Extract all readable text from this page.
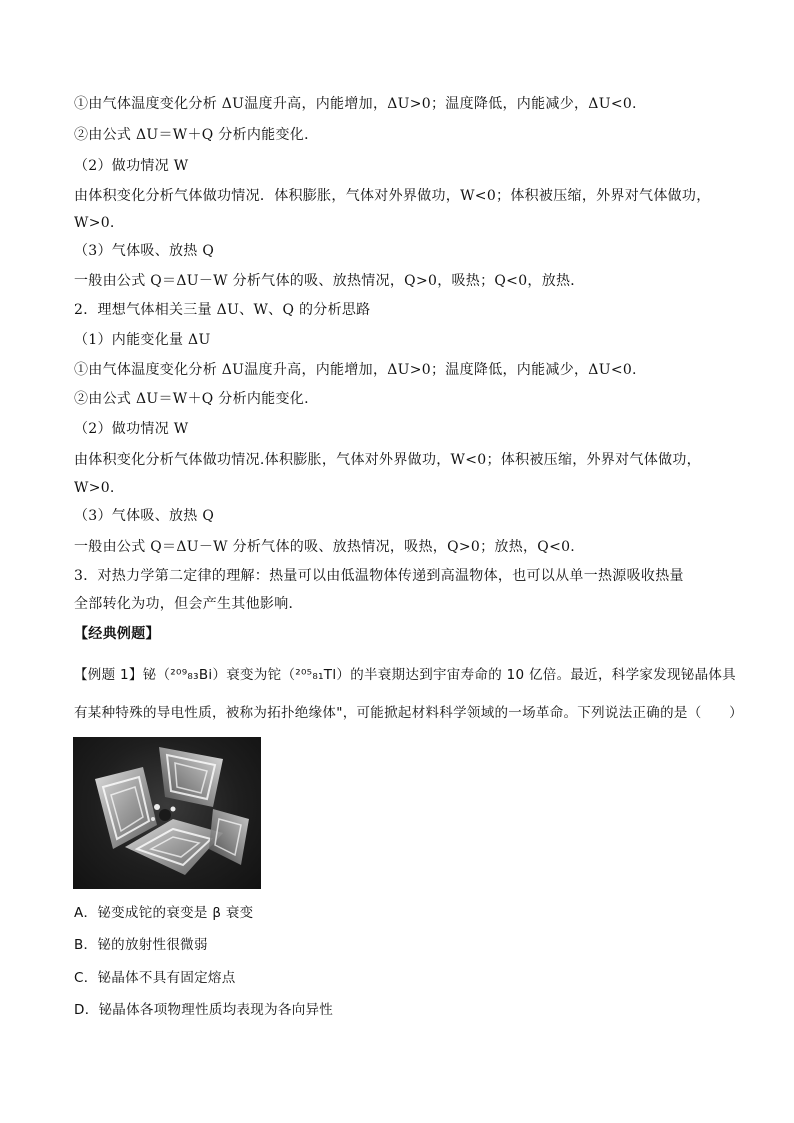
①由气体温度变化分析 ΔU温度升高，内能增加，ΔU>0；温度降低，内能减少，ΔU<0.
②由公式 ΔU＝W＋Q 分析内能变化．
（2）做功情况 W
由体积变化分析气体做功情况．体积膨胀，气体对外界做功，W<0；体积被压缩，外界对气体做功，
W>0.
（3）气体吸、放热 Q
一般由公式 Q＝ΔU－W 分析气体的吸、放热情况，Q>0，吸热；Q<0，放热．
2．理想气体相关三量 ΔU、W、Q 的分析思路
（1）内能变化量 ΔU
①由气体温度变化分析 ΔU温度升高，内能增加，ΔU>0；温度降低，内能减少，ΔU<0.
②由公式 ΔU＝W＋Q 分析内能变化.
（2）做功情况 W
由体积变化分析气体做功情况.体积膨胀，气体对外界做功，W<0；体积被压缩，外界对气体做功，
W>0.
（3）气体吸、放热 Q
一般由公式 Q＝ΔU－W 分析气体的吸、放热情况，吸热，Q>0；放热，Q<0.
3．对热力学第二定律的理解：热量可以由低温物体传递到高温物体，也可以从单一热源吸收热量
全部转化为功，但会产生其他影响．
【经典例题】
【例题 1】铋（²⁰⁹₈₃Bi）衰变为铊（²⁰⁵₈₁Tl）的半衰期达到宇宙寿命的 10 亿倍。最近，科学家发现铋晶体具
有某种特殊的导电性质，被称为拓扑绝缘体"，可能掀起材料科学领域的一场革命。下列说法正确的是（　　）
A．铋变成铊的衰变是 β 衰变
B．铋的放射性很微弱
C．铋晶体不具有固定熔点
D．铋晶体各项物理性质均表现为各向异性
